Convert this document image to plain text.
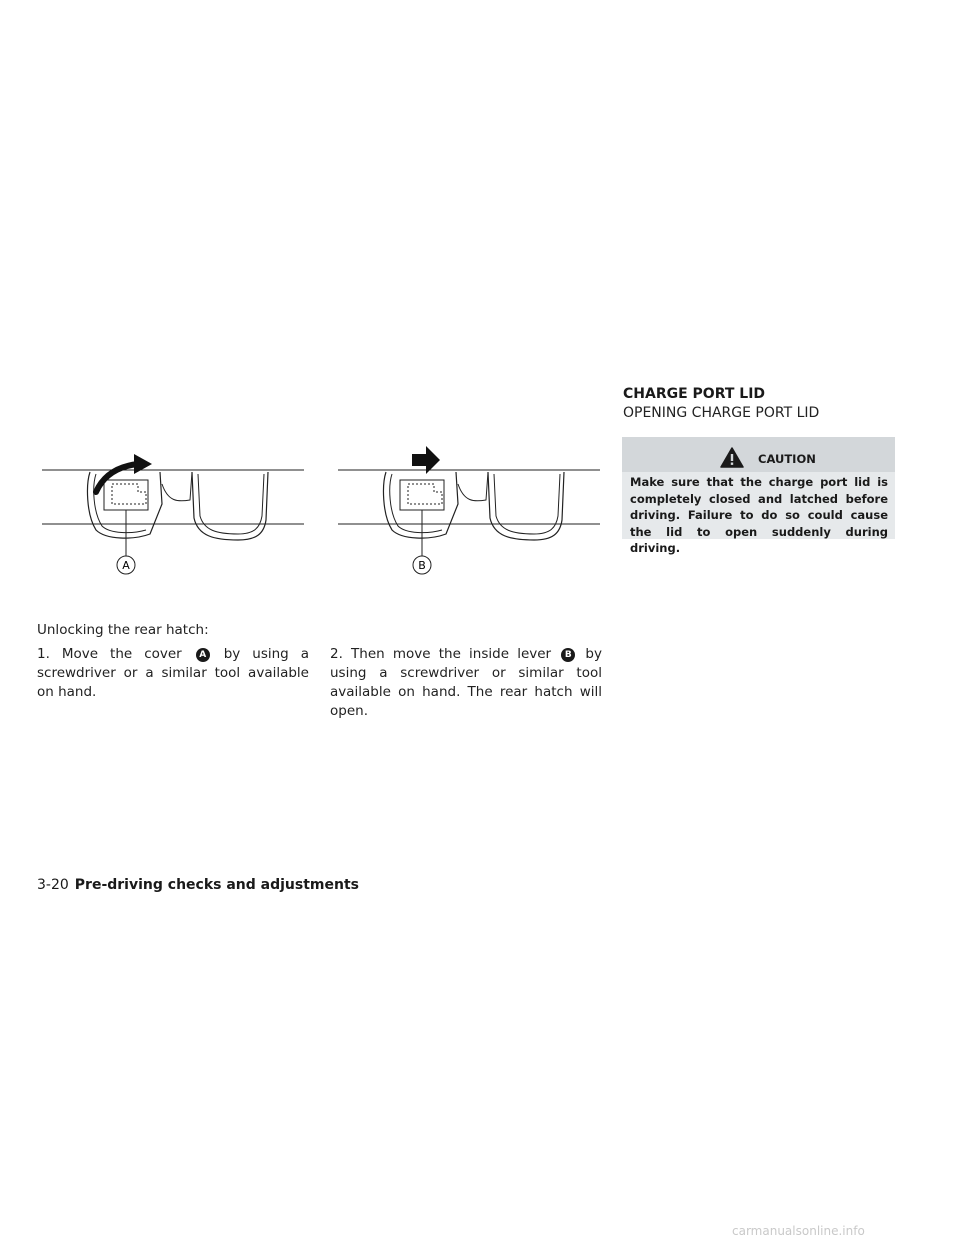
A	B
Unlocking the rear hatch:
1. Move the cover A by using a screwdriver or a similar tool available on hand.
2. Then move the inside lever B by using a screwdriver or similar tool available on hand. The rear hatch will open.
CHARGE PORT LID
OPENING CHARGE PORT LID
CAUTION
Make sure that the charge port lid is completely closed and latched before driving. Failure to do so could cause the lid to open suddenly during driving.
3-20 Pre-driving checks and adjustments
carmanualsonline.info
